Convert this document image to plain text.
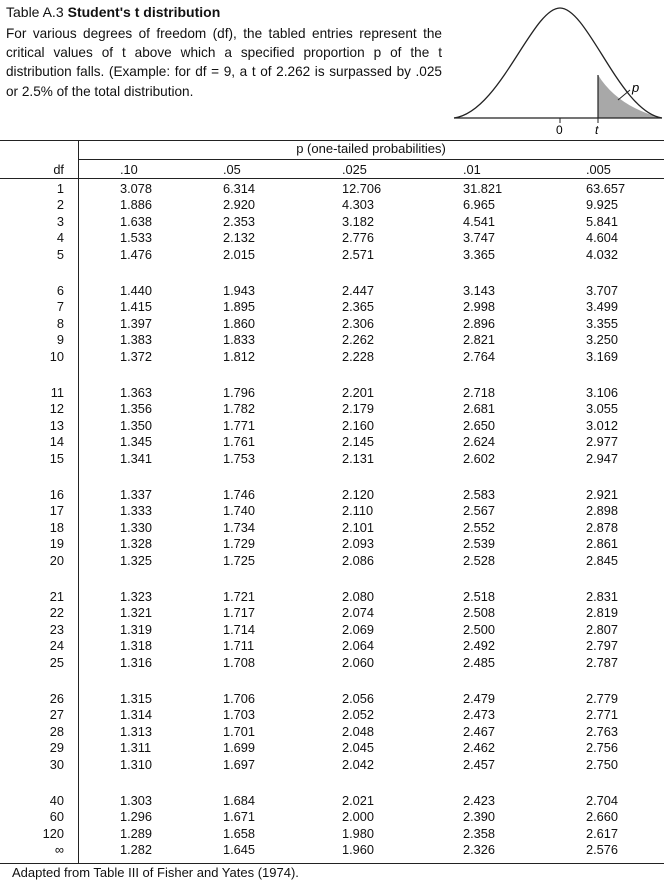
Table A.3 Student's t distribution
For various degrees of freedom (df), the tabled entries represent the critical values of t above which a specified proportion p of the t distribution falls. (Example: for df = 9, a t of 2.262 is surpassed by .025 or 2.5% of the total distribution.
0	t
p
p (one-tailed probabilities)
df	.10	.05	.025	.01	.005
1	3.078	6.314	12.706	31.821	63.657
2	1.886	2.920	4.303	6.965	9.925
3	1.638	2.353	3.182	4.541	5.841
4	1.533	2.132	2.776	3.747	4.604
5	1.476	2.015	2.571	3.365	4.032
6	1.440	1.943	2.447	3.143	3.707
7	1.415	1.895	2.365	2.998	3.499
8	1.397	1.860	2.306	2.896	3.355
9	1.383	1.833	2.262	2.821	3.250
10	1.372	1.812	2.228	2.764	3.169
11	1.363	1.796	2.201	2.718	3.106
12	1.356	1.782	2.179	2.681	3.055
13	1.350	1.771	2.160	2.650	3.012
14	1.345	1.761	2.145	2.624	2.977
15	1.341	1.753	2.131	2.602	2.947
16	1.337	1.746	2.120	2.583	2.921
17	1.333	1.740	2.110	2.567	2.898
18	1.330	1.734	2.101	2.552	2.878
19	1.328	1.729	2.093	2.539	2.861
20	1.325	1.725	2.086	2.528	2.845
21	1.323	1.721	2.080	2.518	2.831
22	1.321	1.717	2.074	2.508	2.819
23	1.319	1.714	2.069	2.500	2.807
24	1.318	1.711	2.064	2.492	2.797
25	1.316	1.708	2.060	2.485	2.787
26	1.315	1.706	2.056	2.479	2.779
27	1.314	1.703	2.052	2.473	2.771
28	1.313	1.701	2.048	2.467	2.763
29	1.311	1.699	2.045	2.462	2.756
30	1.310	1.697	2.042	2.457	2.750
40	1.303	1.684	2.021	2.423	2.704
60	1.296	1.671	2.000	2.390	2.660
120	1.289	1.658	1.980	2.358	2.617
∞	1.282	1.645	1.960	2.326	2.576
Adapted from Table III of Fisher and Yates (1974).
